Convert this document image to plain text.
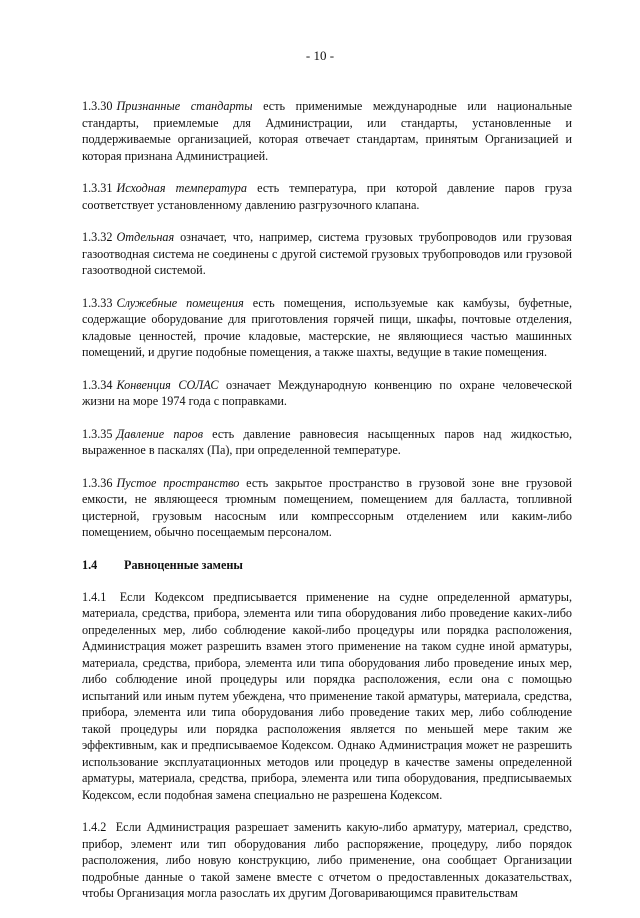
- 10 -

1.3.30 Признанные стандарты есть применимые международные или национальные стандарты, приемлемые для Администрации, или стандарты, установленные и поддерживаемые организацией, которая отвечает стандартам, принятым Организацией и которая признана Администрацией.

1.3.31 Исходная температура есть температура, при которой давление паров груза соответствует установленному давлению разгрузочного клапана.

1.3.32 Отдельная означает, что, например, система грузовых трубопроводов или грузовая газоотводная система не соединены с другой системой грузовых трубопроводов или грузовой газоотводной системой.

1.3.33 Служебные помещения есть помещения, используемые как камбузы, буфетные, содержащие оборудование для приготовления горячей пищи, шкафы, почтовые отделения, кладовые ценностей, прочие кладовые, мастерские, не являющиеся частью машинных помещений, и другие подобные помещения, а также шахты, ведущие в такие помещения.

1.3.34 Конвенция СОЛАС означает Международную конвенцию по охране человеческой жизни на море 1974 года с поправками.

1.3.35 Давление паров есть давление равновесия насыщенных паров над жидкостью, выраженное в паскалях (Па), при определенной температуре.

1.3.36 Пустое пространство есть закрытое пространство в грузовой зоне вне грузовой емкости, не являющееся трюмным помещением, помещением для балласта, топливной цистерной, грузовым насосным или компрессорным отделением или каким-либо помещением, обычно посещаемым персоналом.

1.4	Равноценные замены

1.4.1 Если Кодексом предписывается применение на судне определенной арматуры, материала, средства, прибора, элемента или типа оборудования либо проведение каких-либо определенных мер, либо соблюдение какой-либо процедуры или порядка расположения, Администрация может разрешить взамен этого применение на таком судне иной арматуры, материала, средства, прибора, элемента или типа оборудования либо проведение иных мер, либо соблюдение иной процедуры или порядка расположения, если она с помощью испытаний или иным путем убеждена, что применение такой арматуры, материала, средства, прибора, элемента или типа оборудования либо проведение таких мер, либо соблюдение такой процедуры или порядка расположения является по меньшей мере таким же эффективным, как и предписываемое Кодексом. Однако Администрация может не разрешить использование эксплуатационных методов или процедур в качестве замены определенной арматуры, материала, средства, прибора, элемента или типа оборудования, предписываемых Кодексом, если подобная замена специально не разрешена Кодексом.

1.4.2 Если Администрация разрешает заменить какую-либо арматуру, материал, средство, прибор, элемент или тип оборудования либо распоряжение, процедуру, либо порядок расположения, либо новую конструкцию, либо применение, она сообщает Организации подробные данные о такой замене вместе с отчетом о предоставленных доказательствах, чтобы Организация могла разослать их другим Договаривающимся правительствам
